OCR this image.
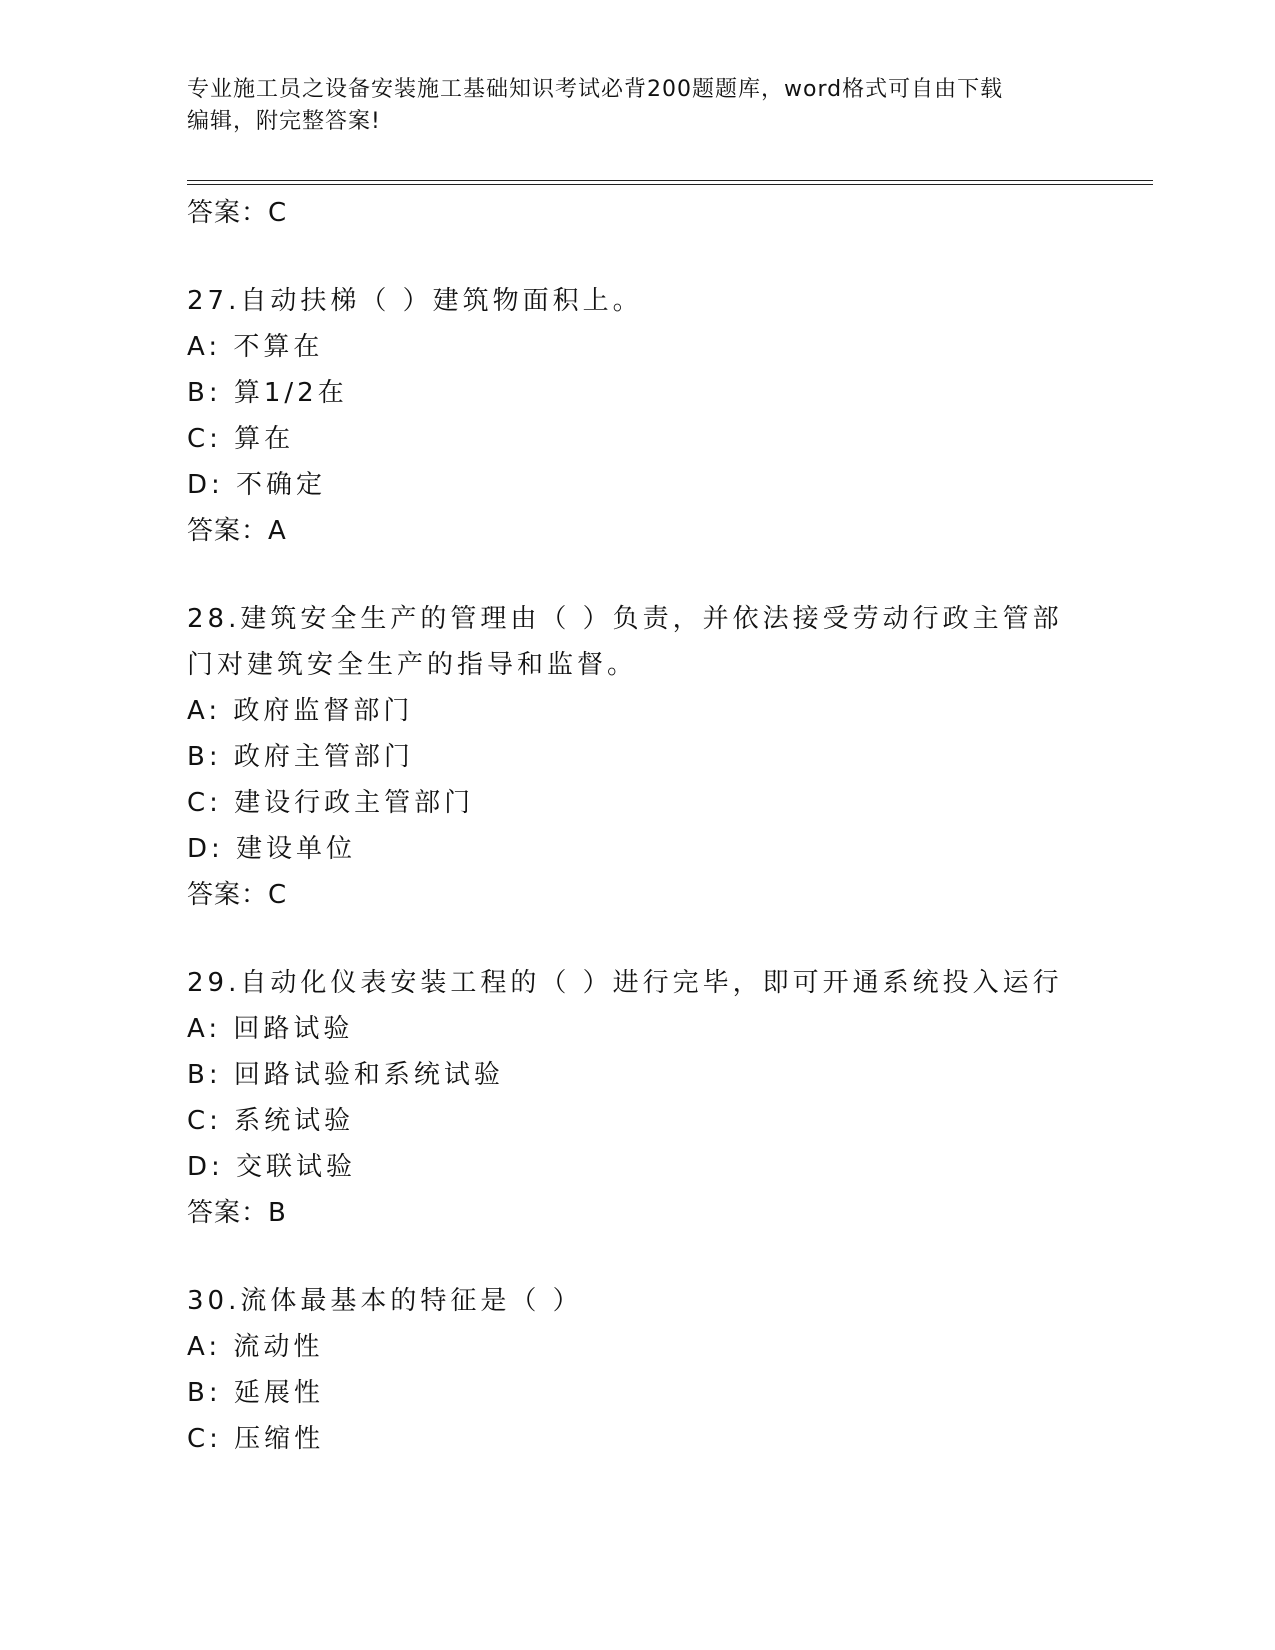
专业施工员之设备安装施工基础知识考试必背200题题库，word格式可自由下载
编辑，附完整答案!
答案：C
27.自动扶梯（ ）建筑物面积上。
A: 不算在
B: 算1/2在
C: 算在
D: 不确定
答案：A
28.建筑安全生产的管理由（ ）负责，并依法接受劳动行政主管部门对建筑安全生产的指导和监督。
A: 政府监督部门
B: 政府主管部门
C: 建设行政主管部门
D: 建设单位
答案：C
29.自动化仪表安装工程的（ ）进行完毕，即可开通系统投入运行
A: 回路试验
B: 回路试验和系统试验
C: 系统试验
D: 交联试验
答案：B
30.流体最基本的特征是（ ）
A: 流动性
B: 延展性
C: 压缩性
